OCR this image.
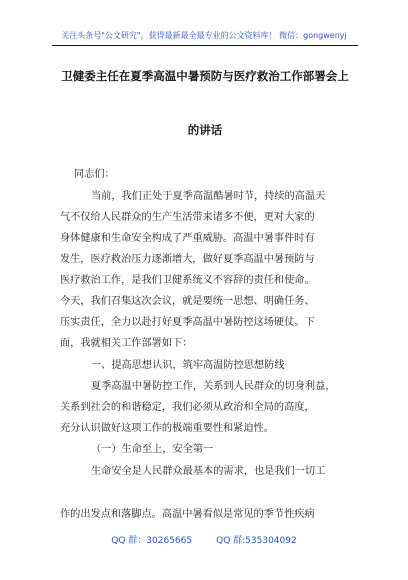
关注头条号"公文研究"，获得最新最全最专业的公文资料库！ 微信：gongwenyj
卫健委主任在夏季高温中暑预防与医疗救治工作部署会上
的讲话
同志们：
当前，我们正处于夏季高温酷暑时节，持续的高温天
气不仅给人民群众的生产生活带来诸多不便，更对大家的
身体健康和生命安全构成了严重威胁。高温中暑事件时有
发生，医疗救治压力逐渐增大，做好夏季高温中暑预防与
医疗救治工作，是我们卫健系统义不容辞的责任和使命。
今天，我们召集这次会议，就是要统一思想、明确任务、
压实责任，全力以赴打好夏季高温中暑防控这场硬仗。下
面，我就相关工作部署如下：
一、提高思想认识，筑牢高温防控思想防线
夏季高温中暑防控工作，关系到人民群众的切身利益，
关系到社会的和谐稳定，我们必须从政治和全局的高度，
充分认识做好这项工作的极端重要性和紧迫性。
（一）生命至上，安全第一
生命安全是人民群众最基本的需求，也是我们一切工
作的出发点和落脚点。高温中暑看似是常见的季节性疾病
QQ 群：30265665	QQ 群:535304092
